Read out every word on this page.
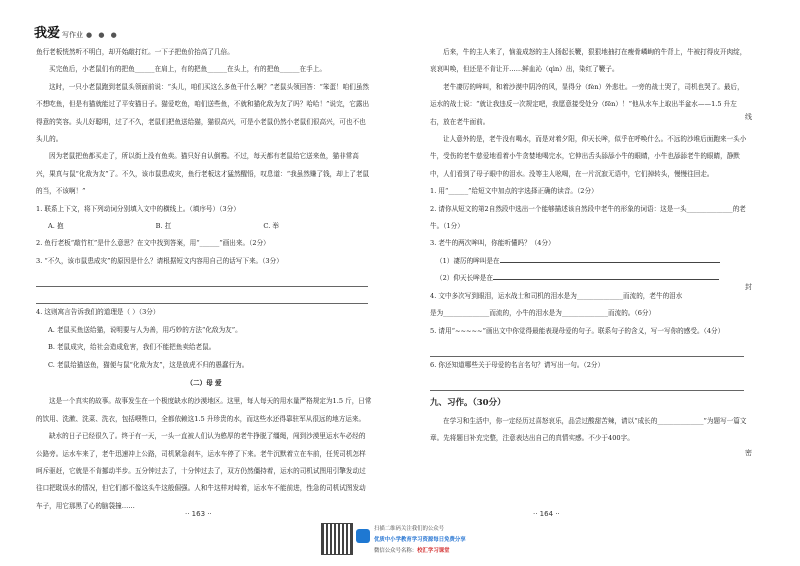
我爱 写作业 ● ● ●

鱼行老板恍然听不明白，却开始敲打红。一下子把鱼价抬高了几倍。

买完鱼后，小老鼠们有的把鱼______在肩上，有的把鱼______在头上，有的把鱼______在手上。

这时，一只小老鼠跑到老鼠头领面前说：“头儿，咱们买这么多鱼干什么啊？”老鼠头领回答：“笨蛋！咱们虽然不想吃鱼，但是有猫就能过了平安猫日子。猫爱吃鱼，咱们送些鱼，不就和猫化敌为友了吗？哈哈！”说完，它露出得意的笑容。头儿好聪明，过了不久，老鼠们把鱼送给猫，猫很高兴，可是小老鼠仍然小老鼠们很高兴，可也不也头儿的。

因为老鼠把鱼都买走了，所以街上没有鱼卖。猫只好自认倒霉。不过，每天都有老鼠给它送来鱼，猫非常高兴，果真与鼠“化敌为友”了。不久，该市鼠患成灾，鱼行老板这才猛然醒悟，叹息道：“我虽然赚了钱，却上了老鼠的当，不该啊！”

1. 联系上下文，将下列动词分别填入文中的横线上。（填序号）（3分）
A. 抱	B. 扛	C. 举
2. 鱼行老板“敲竹杠”是什么意思？在文中找到答案，用“______”画出来。（2分）
3. “不久，该市鼠患成灾”的原因是什么？请根据短文内容用自己的话写下来。（3分）
4. 这则寓言告诉我们的道理是（ ）（3分）
A. 老鼠买鱼送给猫，说明要与人为善，用巧妙的方法“化敌为友”。
B. 老鼠成灾，给社会造成危害，我们不能把鱼卖给老鼠。
C. 老鼠给猫送鱼，猫便与鼠“化敌为友”，这是放虎不归的愚蠢行为。
（二）母 爱

这是一个真实的故事。故事发生在一个极度缺水的沙漠地区。这里，每人每天的用水量严格规定为1.5 斤，日常的饮用、洗漱、洗菜、洗衣，包括喂牲口，全都依赖这1.5 升珍贵的水，而这些水还得靠驻军从很远的地方运来。

缺水的日子已经很久了。终于有一天，一头一直被人们认为憨厚的老牛挣脱了缰绳，闯到沙漠里运水车必经的公路旁。运水车来了，老牛迅速冲上公路，司机紧急刹车，运水车停了下来。老牛沉默着立在车前，任凭司机怎样呵斥驱赶，它就是不肯挪动半步。五分钟过去了，十分钟过去了，双方仍然僵持着，运水的司机试图用引擎发动过往口把耽误水的情况，但它们都不像这头牛这般倔强。人和牛这样对峙着，运水车不能前进，性急的司机试图发动车子，用它那黑了心的脑袋撞……

·· 163 ··

后来，牛的主人来了，恼羞成怒的主人扬起长鞭，狠狠地抽打在瘦骨嶙峋的牛背上，牛被打得皮开肉绽，哀哀叫唤，但还是不肯让开……鲜血沁（qìn）出，染红了鞭子。

老牛凄厉的哞叫，和着沙漠中阴冷的风，显得分（fèn）外悲壮。一旁的战士哭了，司机也哭了。最后，运水的战士说：“就让我违反一次规定吧，我愿意接受处分（fēn）！”他从水车上取出半盆水——1.5 升左右，放在老牛面前。

让人意外的是，老牛没有喝水，而是对着夕阳，仰天长哞，似乎在呼唤什么。不远的沙堆后面跑来一头小牛，受伤的老牛慈爱地看着小牛贪婪地喝完水，它伸出舌头舔舔小牛的眼睛，小牛也舔舔老牛的眼睛，静默中，人们看到了母子眼中的泪水。没等主人吆喝，在一片沉寂无语中，它们掉转头，慢慢往回走。

1. 用“______”给短文中加点的字选择正确的读音。（2分）
2. 请你从短文的第2自然段中选出一个能够描述该自然段中老牛的形象的词语：这是一头______________的老牛。（1分）
3. 老牛的两次哞叫，你能听懂吗？（4分）
（1）凄厉的哞叫是在
（2）仰天长哞是在
4. 文中多次写到眼泪，运水战士和司机的泪水是为______________而流的，老牛的泪水
是为______________而流的，小牛的泪水是为______________而流的。（6分）
5. 请用“~~~~~”画出文中你觉得最能表现母爱的句子。联系句子的含义，写一写你的感受。（4分）
6. 你还知道哪些关于母爱的名言名句？请写出一句。（2分）
九、习作。（30分）

在学习和生活中，你一定经历过喜怒哀乐，品尝过酸甜苦辣，请以“成长的______________”为题写一篇文章。先将题目补充完整，注意表达出自己的真情实感。不少于400字。

·· 164 ··
线
封
密
扫描二维码关注我们的公众号
优质中小学教育学习资源每日免费分享
微信公众号名称：校汇学习课堂
